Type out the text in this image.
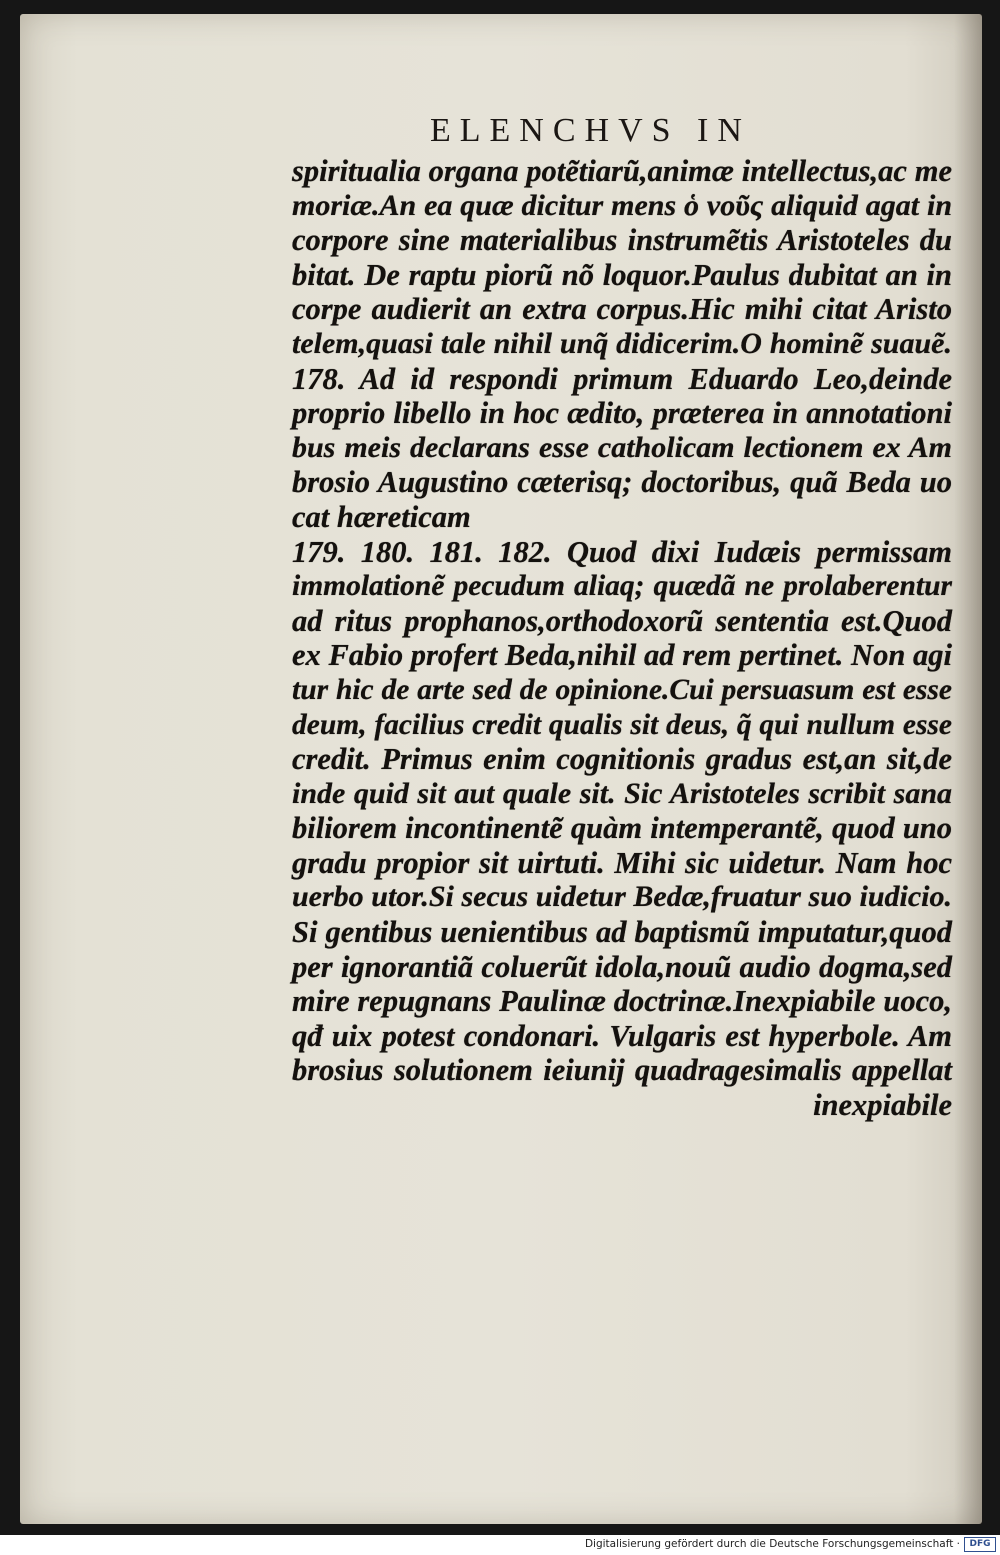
ELENCHVS IN
spiritualia organa potẽtiarũ,animæ intellectus,ac me
moriæ.An ea quæ dicitur mens ὁ νοῦς aliquid agat in
corpore sine materialibus instrumẽtis Aristoteles du
bitat. De raptu piorũ nõ loquor.Paulus dubitat an in
corpe audierit an extra corpus.Hic mihi citat Aristo
telem,quasi tale nihil unq̃ didicerim.O hominẽ suauẽ.
178. Ad id respondi primum Eduardo Leo,deinde
proprio libello in hoc ædito, præterea in annotationi
bus meis declarans esse catholicam lectionem ex Am
brosio Augustino cæterisq; doctoribus, quã Beda uo
cat hæreticam
179. 180. 181. 182. Quod dixi Iudæis permissam
immolationẽ pecudum aliaq; quædã ne prolaberentur
ad ritus prophanos,orthodoxorũ sententia est.Quod
ex Fabio profert Beda,nihil ad rem pertinet. Non agi
tur hic de arte sed de opinione.Cui persuasum est esse
deum, facilius credit qualis sit deus, q̃ qui nullum esse
credit. Primus enim cognitionis gradus est,an sit,de
inde quid sit aut quale sit. Sic Aristoteles scribit sana
biliorem incontinentẽ quàm intemperantẽ, quod uno
gradu propior sit uirtuti. Mihi sic uidetur. Nam hoc
uerbo utor.Si secus uidetur Bedæ,fruatur suo iudicio.
Si gentibus uenientibus ad baptismũ imputatur,quod
per ignorantiã coluerũt idola,nouũ audio dogma,sed
mire repugnans Paulinæ doctrinæ.Inexpiabile uoco,
qđ uix potest condonari. Vulgaris est hyperbole. Am
brosius solutionem ieiunij quadragesimalis appellat
inexpiabile
Digitalisierung gefördert durch die Deutsche Forschungsgemeinschaft ·	DFG
